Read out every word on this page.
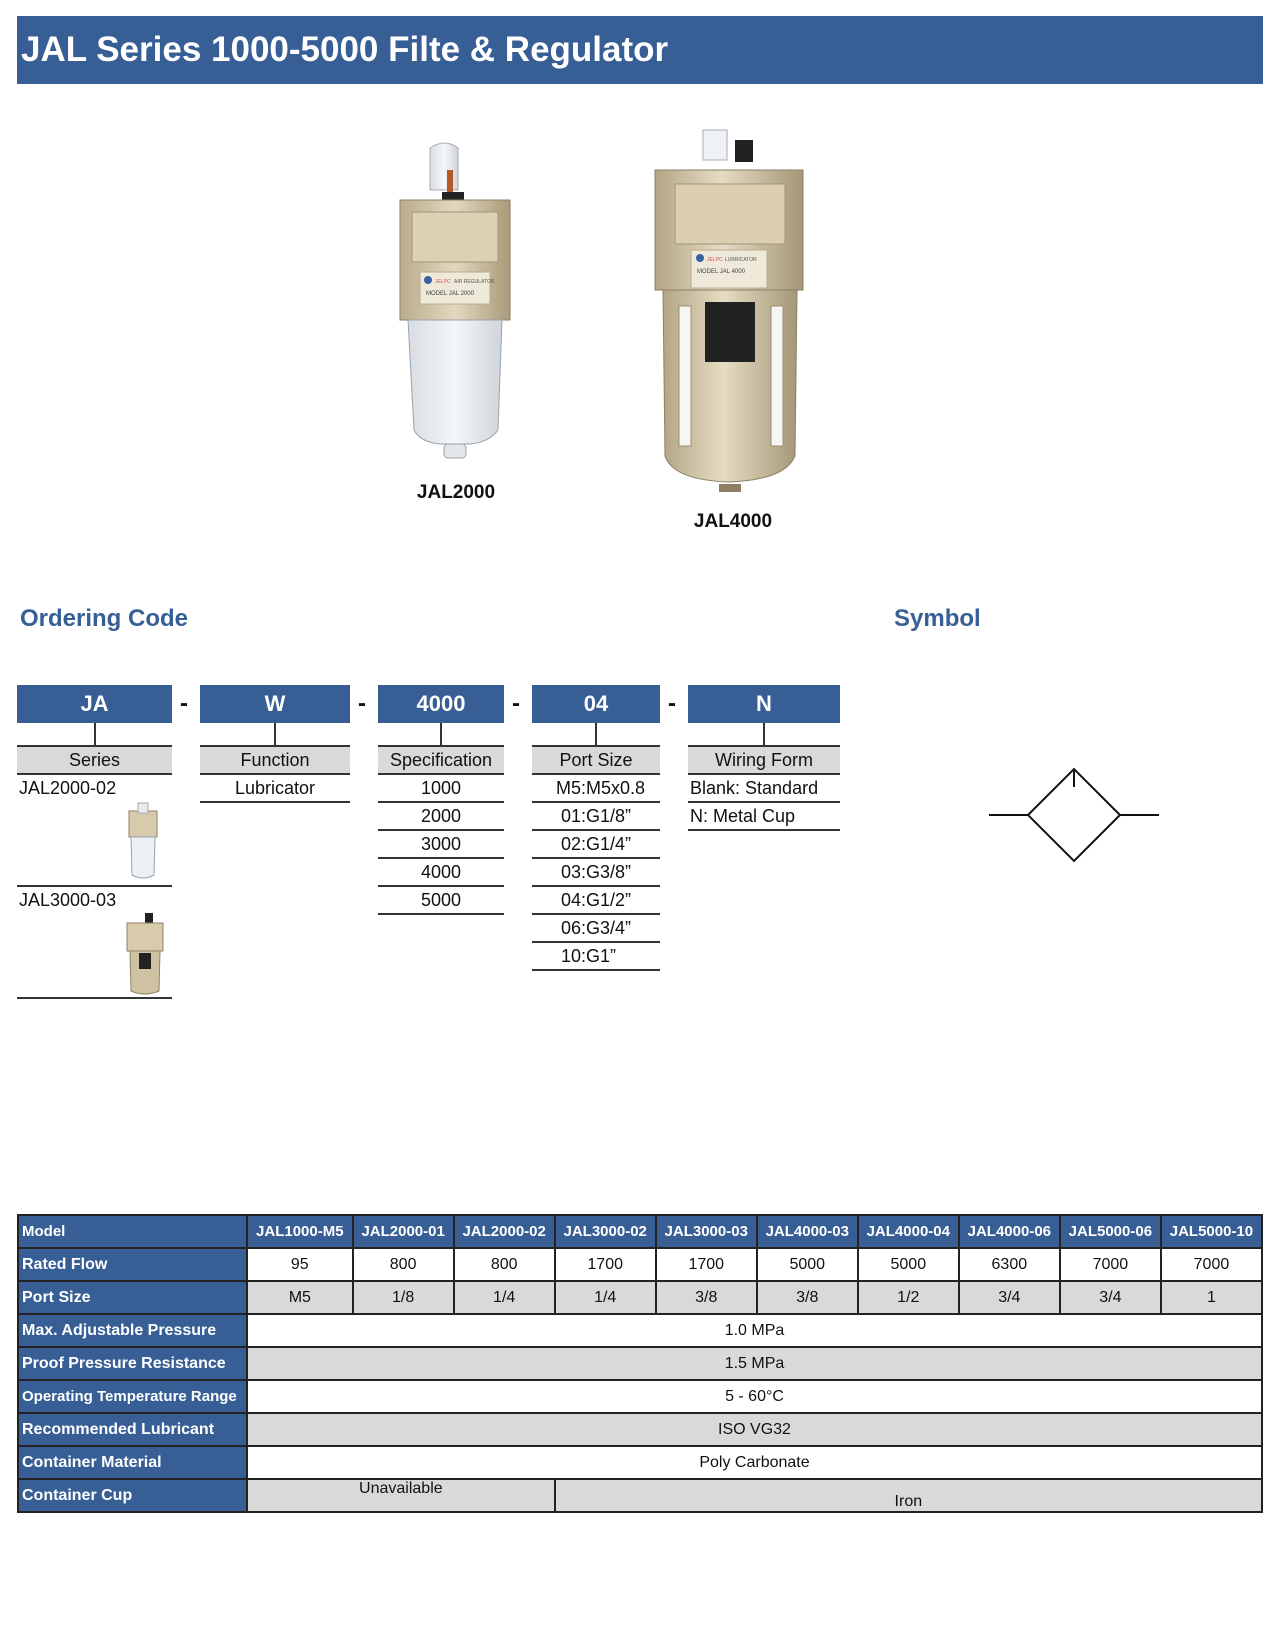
JAL Series 1000-5000 Filte & Regulator
JELPC AIR REGULATOR
MODEL JAL 2000
JAL2000
JELPC LUBRICATOR
MODEL JAL 4000
JAL4000
Ordering Code	Symbol
JA	-	W	-	4000	-	04	-	N
Series
JAL2000-02
JAL3000-03
Function
Lubricator
Specification
1000
2000
3000
4000
5000
Port Size
M5:M5x0.8
01:G1/8”
02:G1/4”
03:G3/8”
04:G1/2”
06:G3/4”
10:G1”
Wiring Form
Blank: Standard
N: Metal Cup
Model	JAL1000-M5	JAL2000-01	JAL2000-02	JAL3000-02	JAL3000-03	JAL4000-03	JAL4000-04	JAL4000-06	JAL5000-06	JAL5000-10
Rated Flow	95	800	800	1700	1700	5000	5000	6300	7000	7000
Port Size	M5	1/8	1/4	1/4	3/8	3/8	1/2	3/4	3/4	1
Max. Adjustable Pressure	1.0 MPa									
Proof Pressure Resistance	1.5 MPa									
Operating Temperature Range	5 - 60°C									
Recommended Lubricant	ISO VG32									
Container Material	Poly Carbonate									
Container Cup	Unavailable			Iron						
